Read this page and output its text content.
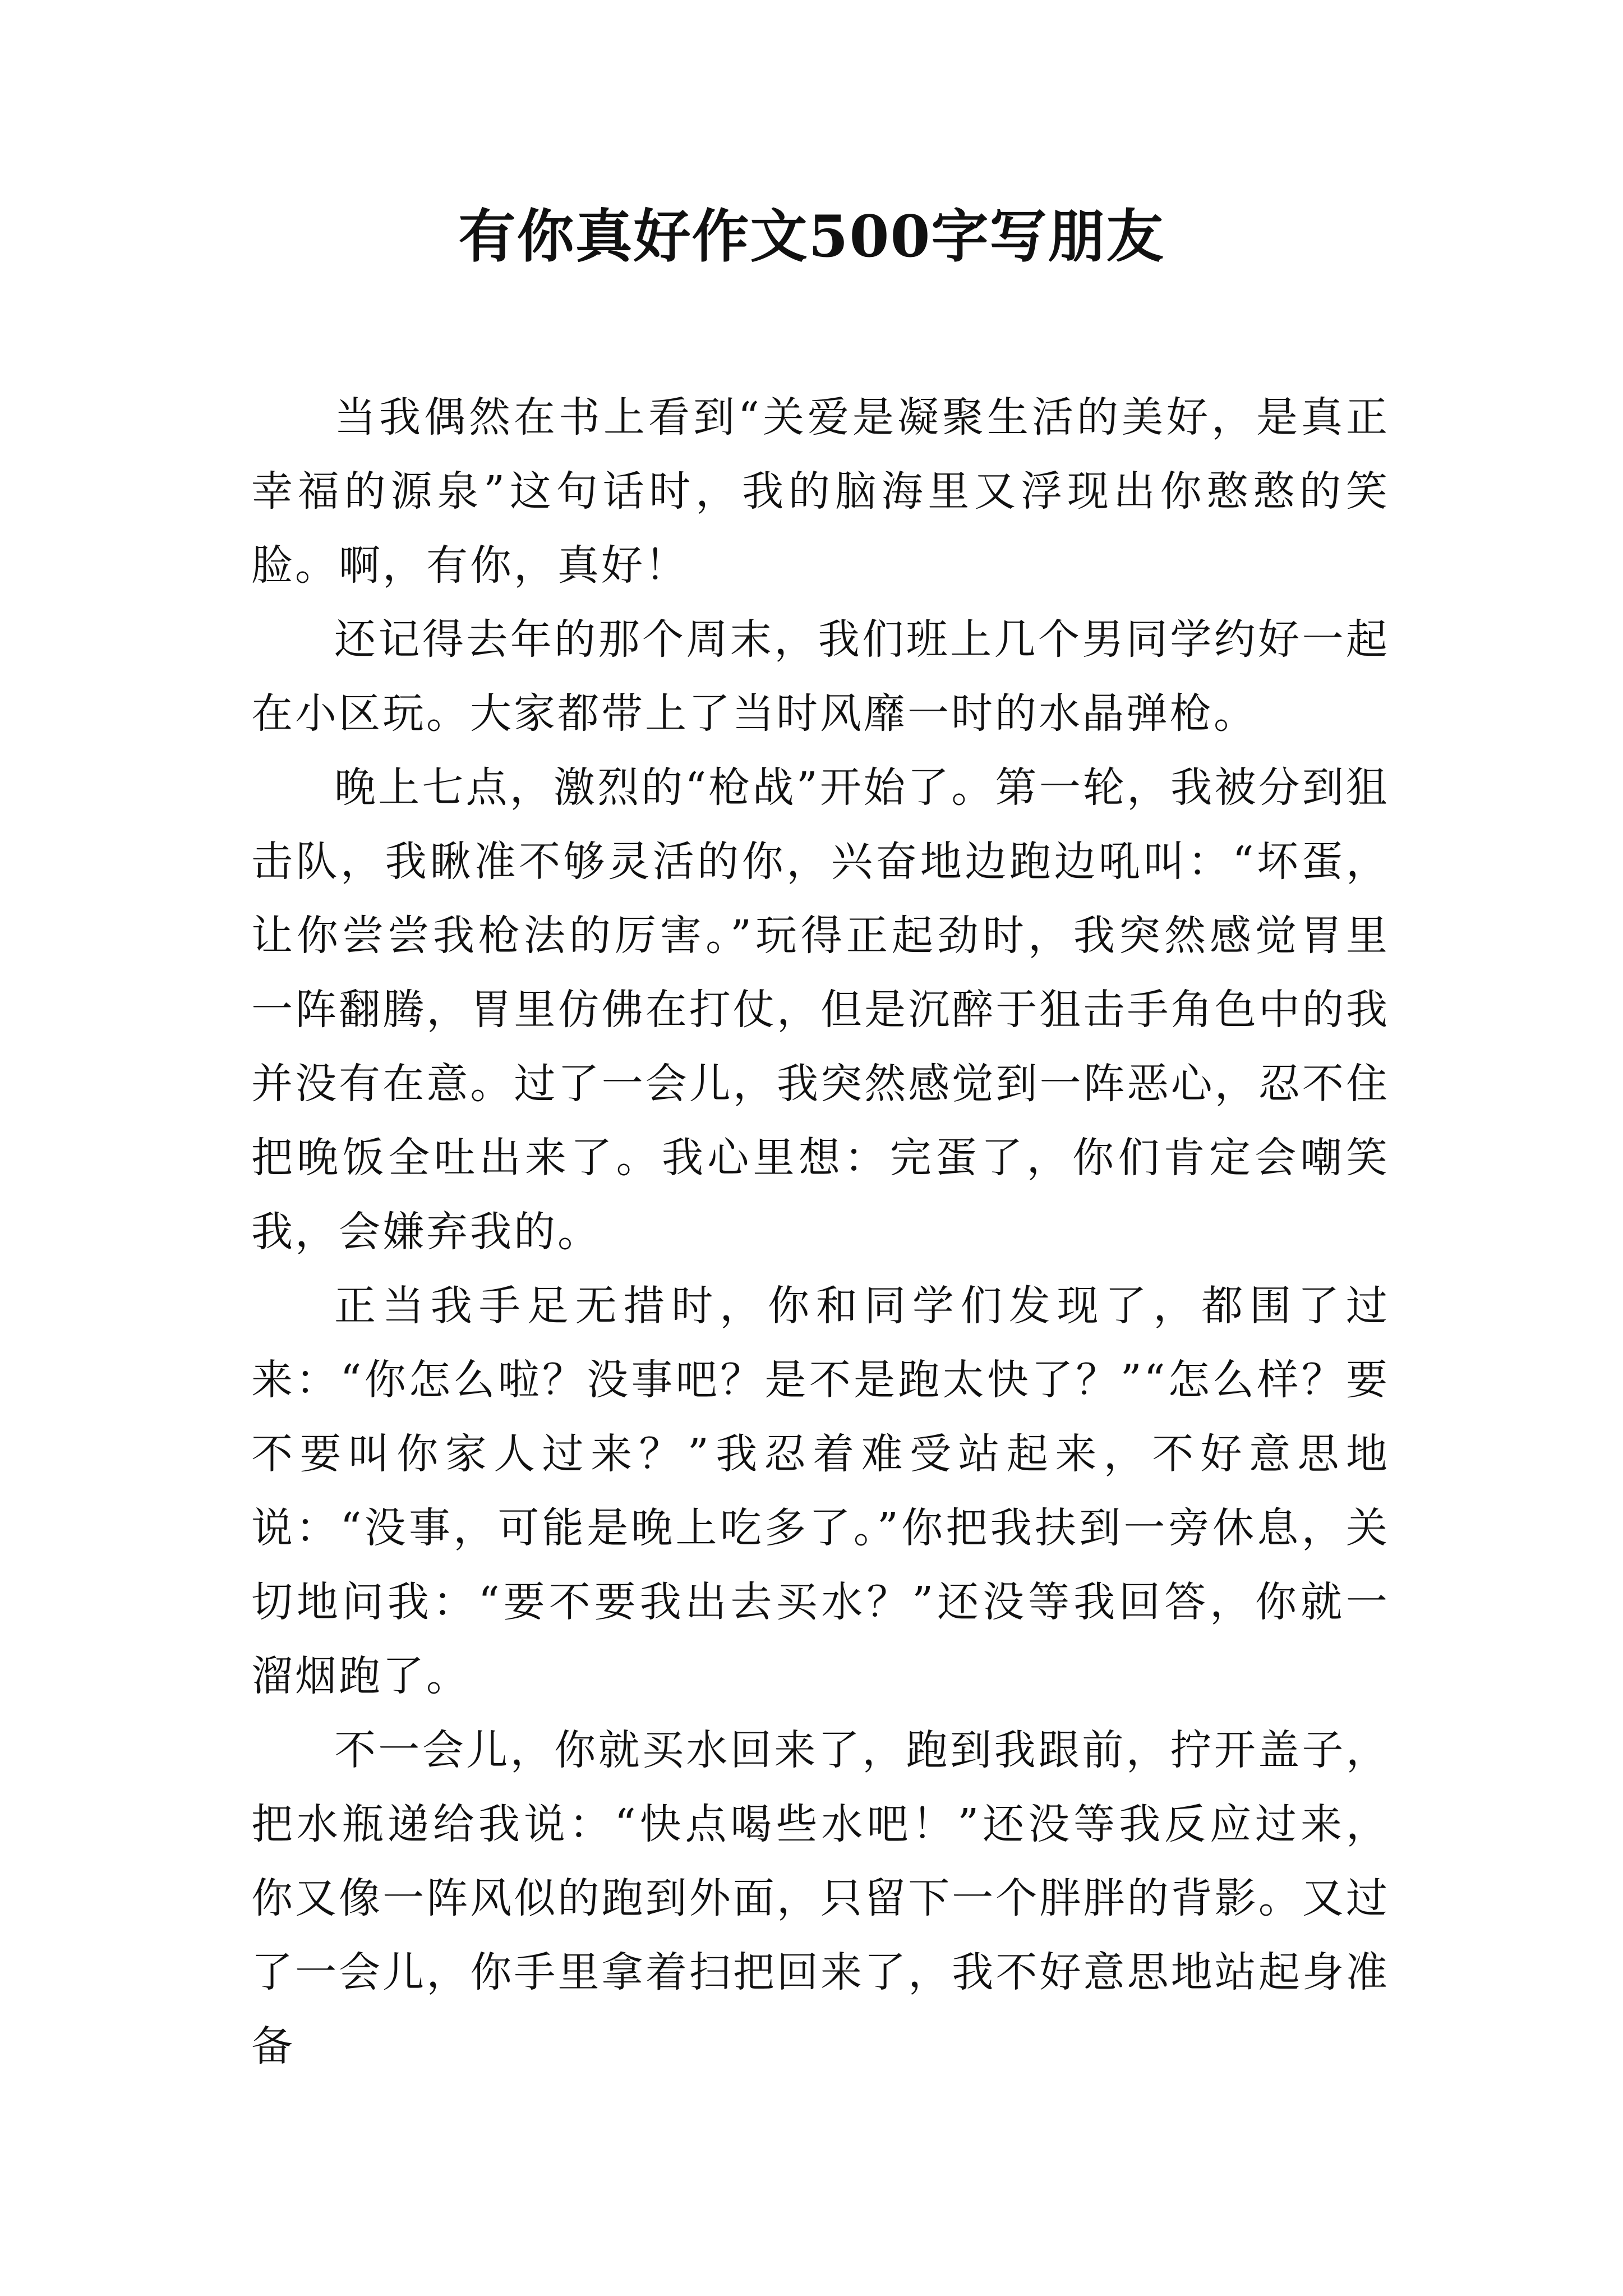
有你真好作文500字写朋友

当我偶然在书上看到“关爱是凝聚生活的美好，是真正幸福的源泉”这句话时，我的脑海里又浮现出你憨憨的笑脸。啊，有你，真好！

还记得去年的那个周末，我们班上几个男同学约好一起在小区玩。大家都带上了当时风靡一时的水晶弹枪。

晚上七点，激烈的“枪战”开始了。第一轮，我被分到狙击队，我瞅准不够灵活的你，兴奋地边跑边吼叫：“坏蛋，让你尝尝我枪法的厉害。”玩得正起劲时，我突然感觉胃里一阵翻腾，胃里仿佛在打仗，但是沉醉于狙击手角色中的我并没有在意。过了一会儿，我突然感觉到一阵恶心，忍不住把晚饭全吐出来了。我心里想：完蛋了，你们肯定会嘲笑我，会嫌弃我的。

正当我手足无措时，你和同学们发现了，都围了过来：“你怎么啦？没事吧？是不是跑太快了？”“怎么样？要不要叫你家人过来？”我忍着难受站起来，不好意思地说：“没事，可能是晚上吃多了。”你把我扶到一旁休息，关切地问我：“要不要我出去买水？”还没等我回答，你就一溜烟跑了。

不一会儿，你就买水回来了，跑到我跟前，拧开盖子，把水瓶递给我说：“快点喝些水吧！”还没等我反应过来，你又像一阵风似的跑到外面，只留下一个胖胖的背影。又过了一会儿，你手里拿着扫把回来了，我不好意思地站起身准备
